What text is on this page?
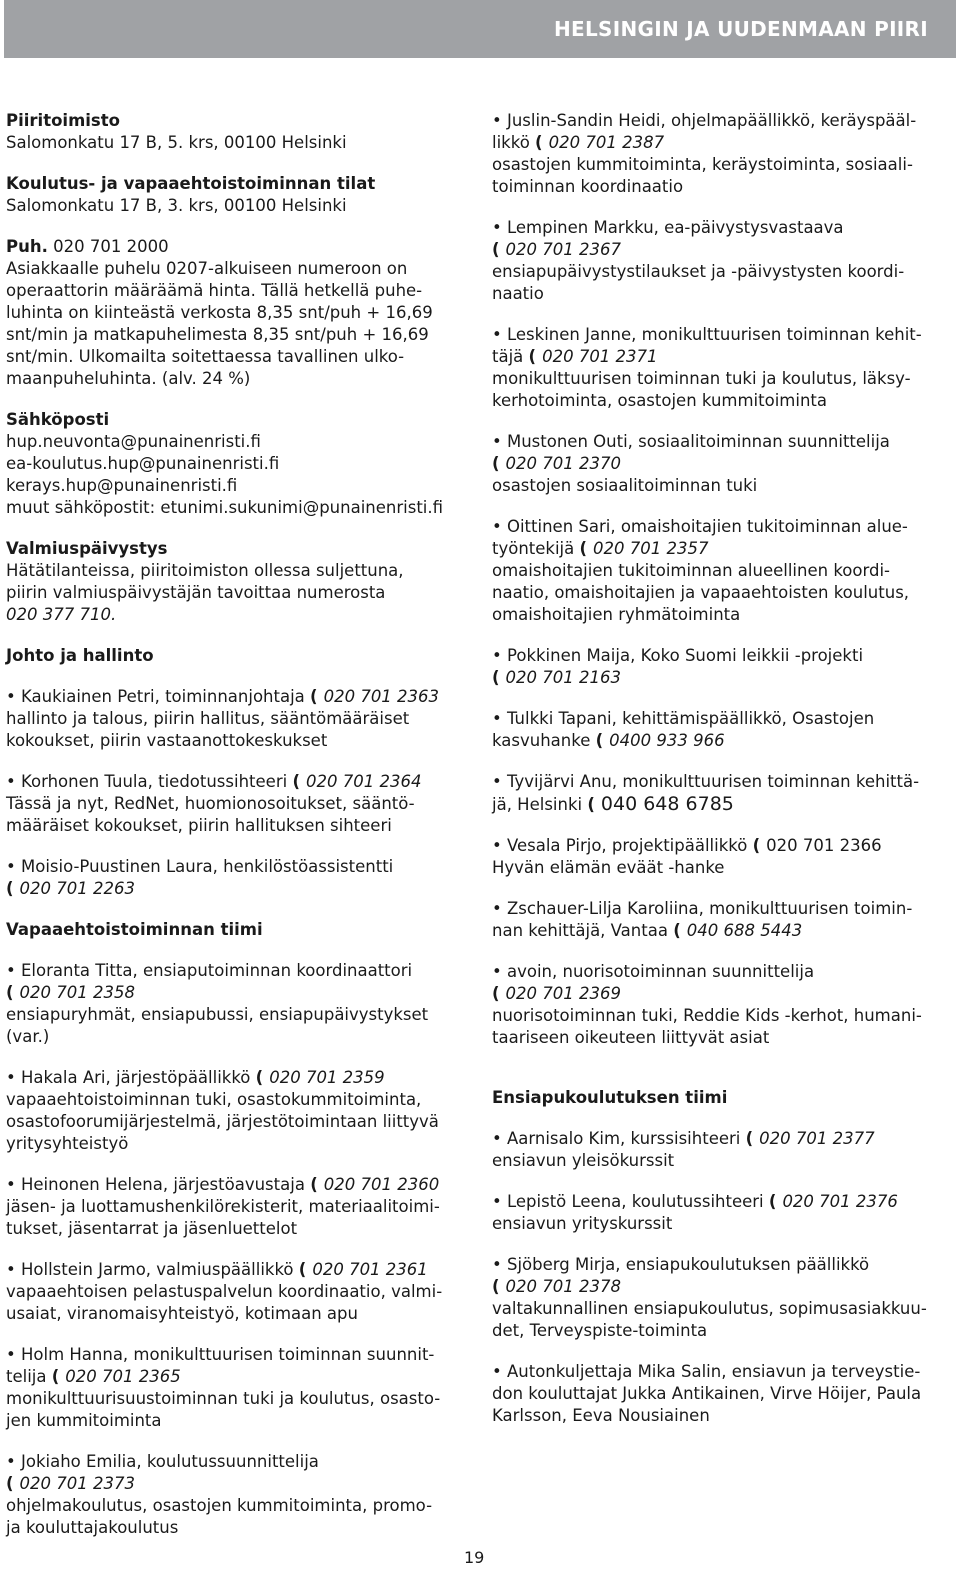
HELSINGIN JA UUDENMAAN PIIRI

Piiritoimisto

Salomonkatu 17 B, 5. krs, 00100 Helsinki

Koulutus- ja vapaaehtoistoiminnan tilat

Salomonkatu 17 B, 3. krs, 00100 Helsinki

Puh. 020 701 2000

Asiakkaalle puhelu 0207-alkuiseen numeroon on

operaattorin määräämä hinta. Tällä hetkellä puhe-

luhinta on kiinteästä verkosta 8,35 snt/puh + 16,69

snt/min ja matkapuhelimesta 8,35 snt/puh + 16,69

snt/min. Ulkomailta soitettaessa tavallinen ulko-

maanpuheluhinta. (alv. 24 %)

Sähköposti

hup.neuvonta@punainenristi.fi

ea-koulutus.hup@punainenristi.fi

kerays.hup@punainenristi.fi

muut sähköpostit: etunimi.sukunimi@punainenristi.fi

Valmiuspäivystys

Hätätilanteissa, piiritoimiston ollessa suljettuna,

piirin valmiuspäivystäjän tavoittaa numerosta

020 377 710.

Johto ja hallinto

• Kaukiainen Petri, toiminnanjohtaja ( 020 701 2363

hallinto ja talous, piirin hallitus, sääntömääräiset

kokoukset, piirin vastaanottokeskukset

• Korhonen Tuula, tiedotussihteeri ( 020 701 2364

Tässä ja nyt, RedNet, huomionosoitukset, sääntö-

määräiset kokoukset, piirin hallituksen sihteeri

• Moisio-Puustinen Laura, henkilöstöassistentti

( 020 701 2263

Vapaaehtoistoiminnan tiimi

• Eloranta Titta, ensiaputoiminnan koordinaattori

( 020 701 2358

ensiapuryhmät, ensiapubussi, ensiapupäivystykset

(var.)

• Hakala Ari, järjestöpäällikkö ( 020 701 2359

vapaaehtoistoiminnan tuki, osastokummitoiminta,

osastofoorumijärjestelmä, järjestötoimintaan liittyvä

yritysyhteistyö

• Heinonen Helena, järjestöavustaja ( 020 701 2360

jäsen- ja luottamushenkilörekisterit, materiaalitoimi-

tukset, jäsentarrat ja jäsenluettelot

• Hollstein Jarmo, valmiuspäällikkö ( 020 701 2361

vapaaehtoisen pelastuspalvelun koordinaatio, valmi-

usaiat, viranomaisyhteistyö, kotimaan apu

• Holm Hanna, monikulttuurisen toiminnan suunnit-

telija ( 020 701 2365

monikulttuurisuustoiminnan tuki ja koulutus, osasto-

jen kummitoiminta

• Jokiaho Emilia, koulutussuunnittelija

( 020 701 2373

ohjelmakoulutus, osastojen kummitoiminta, promo-

ja kouluttajakoulutus

• Juslin-Sandin Heidi, ohjelmapäällikkö, keräyspääl-

likkö ( 020 701 2387

osastojen kummitoiminta, keräystoiminta, sosiaali-

toiminnan koordinaatio

• Lempinen Markku, ea-päivystysvastaava

( 020 701 2367

ensiapupäivystystilaukset ja -päivystysten koordi-

naatio

• Leskinen Janne, monikulttuurisen toiminnan kehit-

täjä ( 020 701 2371

monikulttuurisen toiminnan tuki ja koulutus, läksy-

kerhotoiminta, osastojen kummitoiminta

• Mustonen Outi, sosiaalitoiminnan suunnittelija

( 020 701 2370

osastojen sosiaalitoiminnan tuki

• Oittinen Sari, omaishoitajien tukitoiminnan alue-

työntekijä ( 020 701 2357

omaishoitajien tukitoiminnan alueellinen koordi-

naatio, omaishoitajien ja vapaaehtoisten koulutus,

omaishoitajien ryhmätoiminta

• Pokkinen Maija, Koko Suomi leikkii -projekti

( 020 701 2163

• Tulkki Tapani, kehittämispäällikkö, Osastojen

kasvuhanke ( 0400 933 966

• Tyvijärvi Anu, monikulttuurisen toiminnan kehittä-

jä, Helsinki ( 040 648 6785

• Vesala Pirjo, projektipäällikkö ( 020 701 2366

Hyvän elämän eväät -hanke

• Zschauer-Lilja Karoliina, monikulttuurisen toimin-

nan kehittäjä, Vantaa ( 040 688 5443

• avoin, nuorisotoiminnan suunnittelija

( 020 701 2369

nuorisotoiminnan tuki, Reddie Kids -kerhot, humani-

taariseen oikeuteen liittyvät asiat

Ensiapukoulutuksen tiimi

• Aarnisalo Kim, kurssisihteeri ( 020 701 2377

ensiavun yleisökurssit

• Lepistö Leena, koulutussihteeri ( 020 701 2376

ensiavun yrityskurssit

• Sjöberg Mirja, ensiapukoulutuksen päällikkö

( 020 701 2378

valtakunnallinen ensiapukoulutus, sopimusasiakkuu-

det, Terveyspiste-toiminta

• Autonkuljettaja Mika Salin, ensiavun ja terveystie-

don kouluttajat Jukka Antikainen, Virve Höijer, Paula

Karlsson, Eeva Nousiainen

19
